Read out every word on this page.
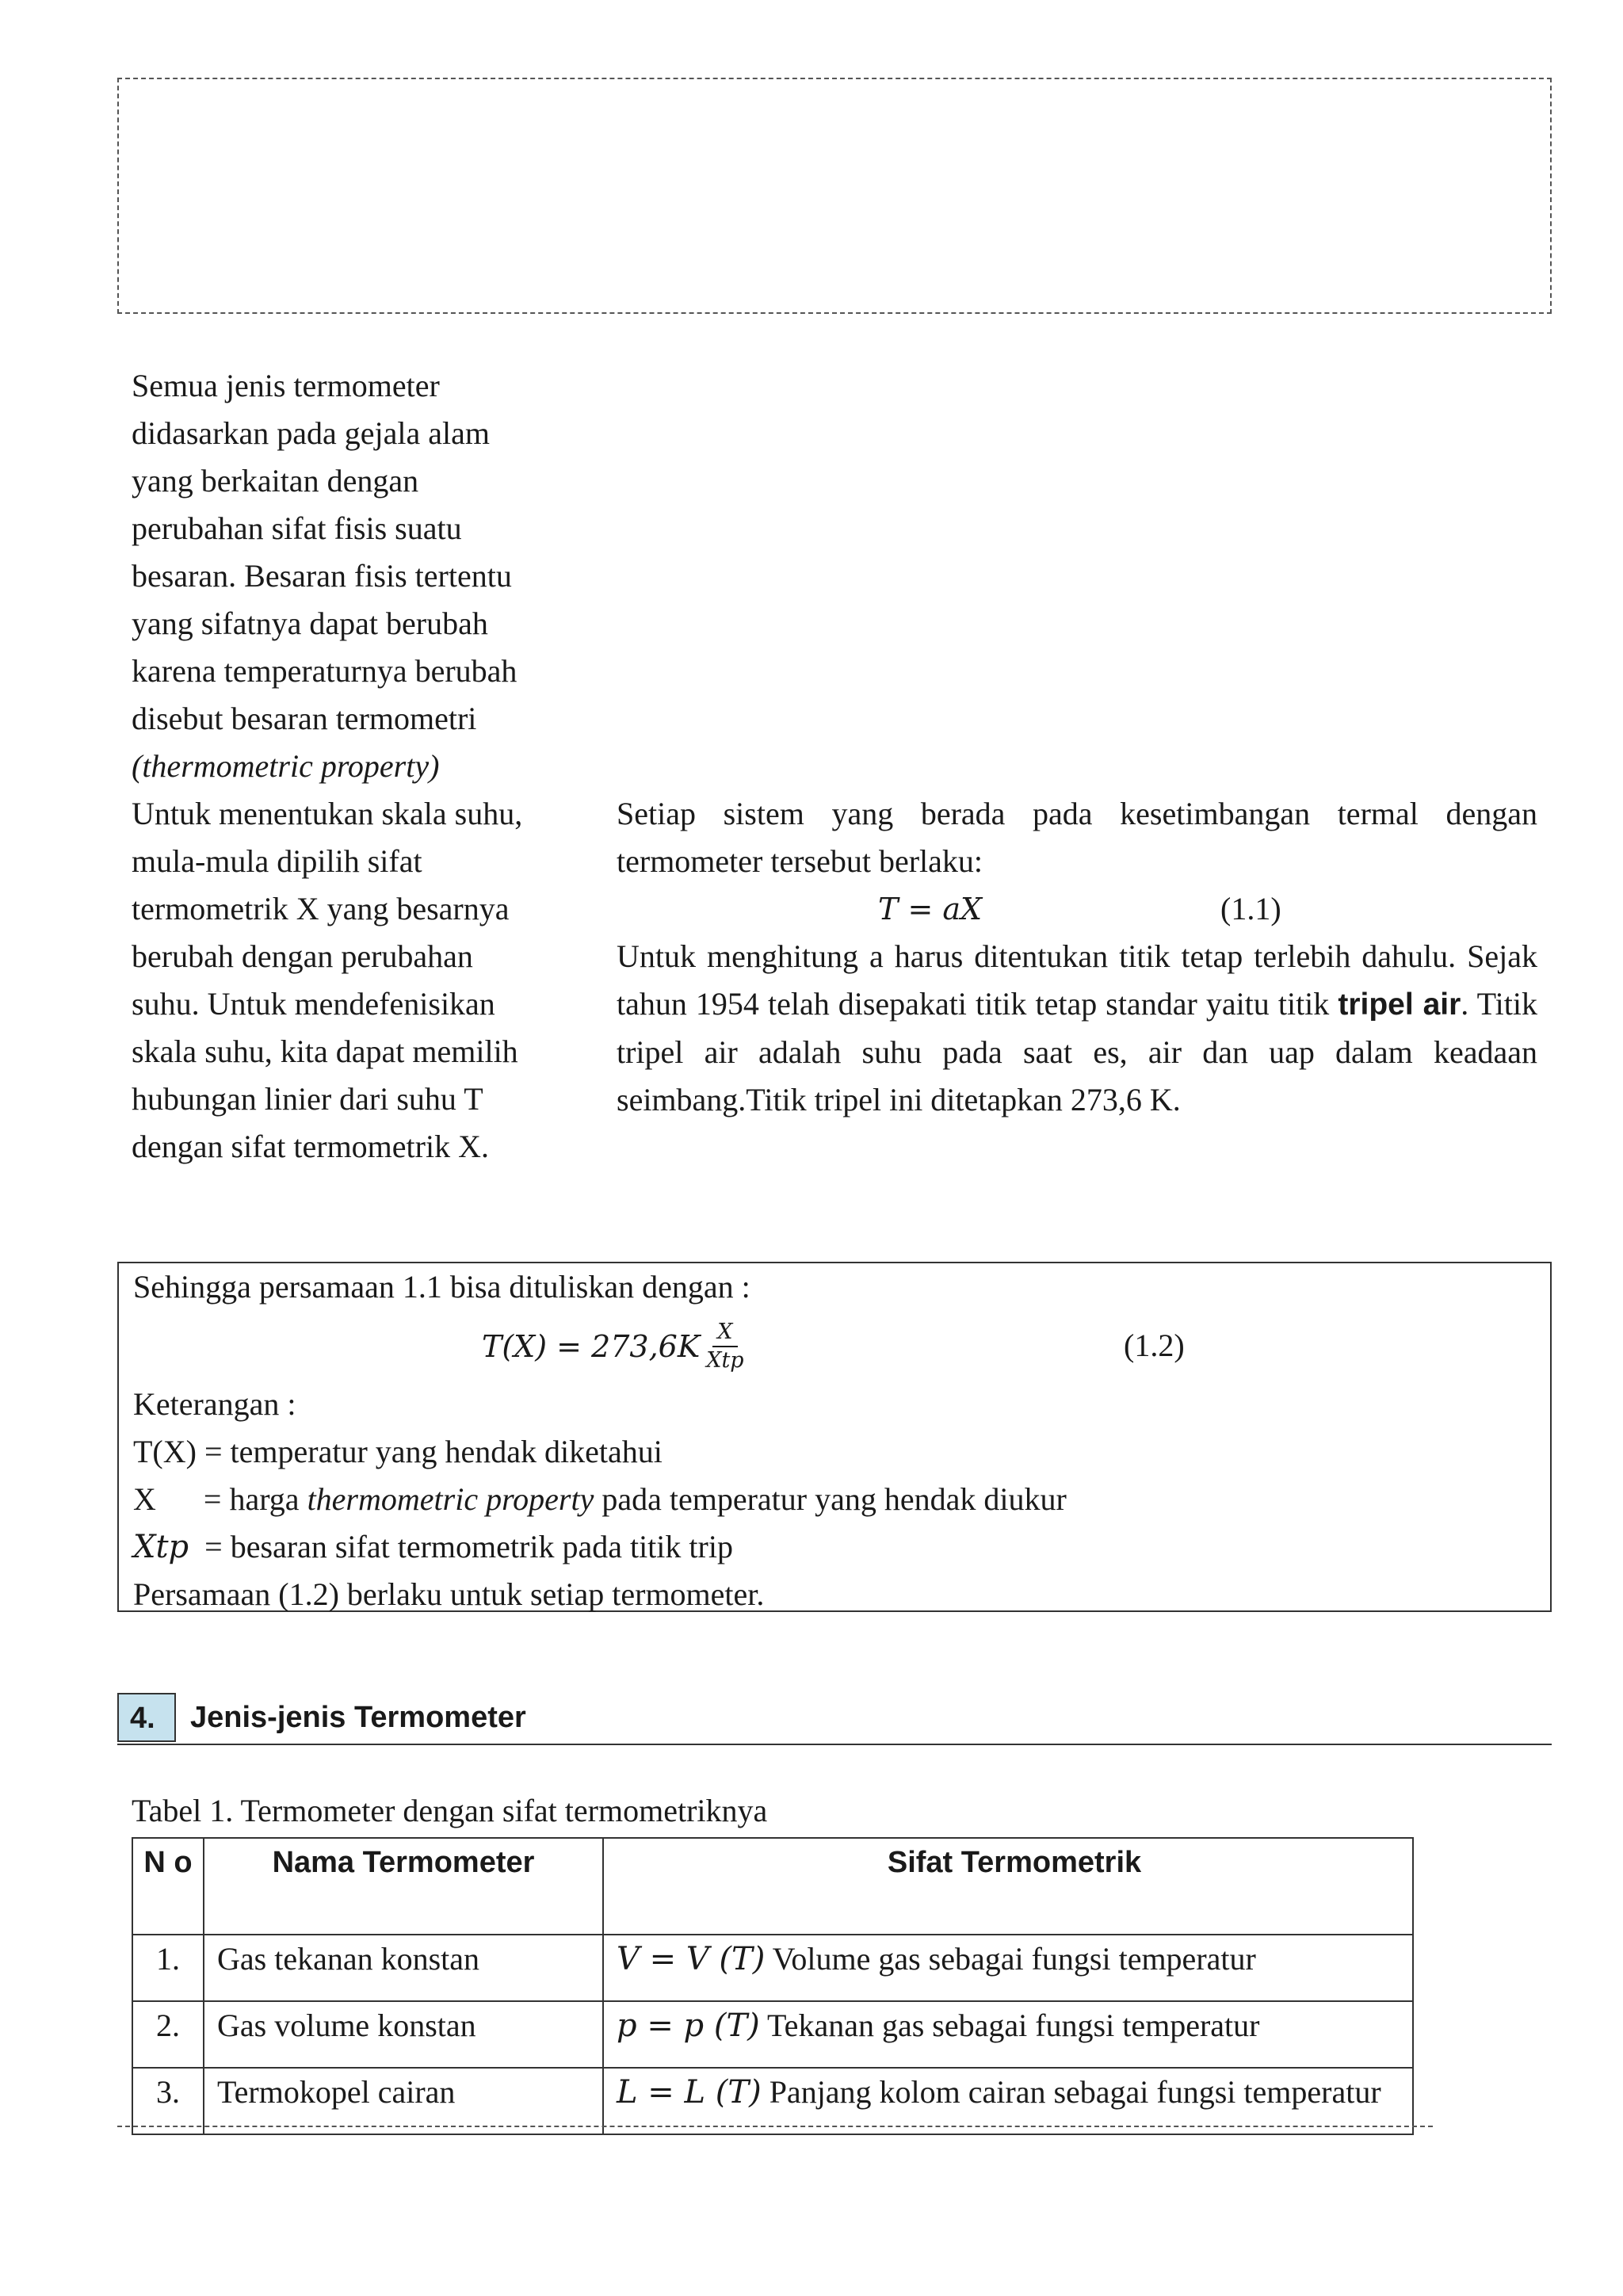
Semua jenis termometer

didasarkan pada gejala alam

yang berkaitan dengan

perubahan sifat fisis suatu

besaran. Besaran fisis tertentu

yang sifatnya dapat berubah

karena temperaturnya berubah

disebut besaran termometri

(thermometric property)

Untuk menentukan skala suhu,

mula-mula dipilih sifat

termometrik X yang besarnya

berubah dengan perubahan

suhu. Untuk mendefenisikan

skala suhu, kita dapat memilih

hubungan linier dari suhu T

dengan sifat termometrik X.

Setiap sistem yang berada pada kesetimbangan termal dengan termometer tersebut berlaku:

T = aX	(1.1)

Untuk menghitung a harus ditentukan titik tetap terlebih dahulu. Sejak tahun 1954 telah disepakati titik tetap standar yaitu titik tripel air. Titik tripel air adalah suhu pada saat es, air dan uap dalam keadaan seimbang.Titik tripel ini ditetapkan 273,6 K.

Sehingga persamaan 1.1 bisa dituliskan dengan :

T(X) = 273,6 K $\frac{X}{\text{Xtp}}$	(1.2)

Keterangan :

T(X) = temperatur yang hendak diketahui

X      = harga thermometric property pada temperatur yang hendak diukur

Xtp  = besaran sifat termometrik pada titik trip

Persamaan (1.2) berlaku untuk setiap termometer.

4.	Jenis-jenis Termometer
Tabel 1. Termometer dengan sifat termometriknya
N o	Nama Termometer	Sifat Termometrik
1.	Gas tekanan konstan	V = V (T) Volume gas sebagai fungsi temperatur
2.	Gas volume konstan	p = p (T) Tekanan gas sebagai fungsi temperatur
3.	Termokopel cairan	L = L (T) Panjang kolom cairan sebagai fungsi temperatur
